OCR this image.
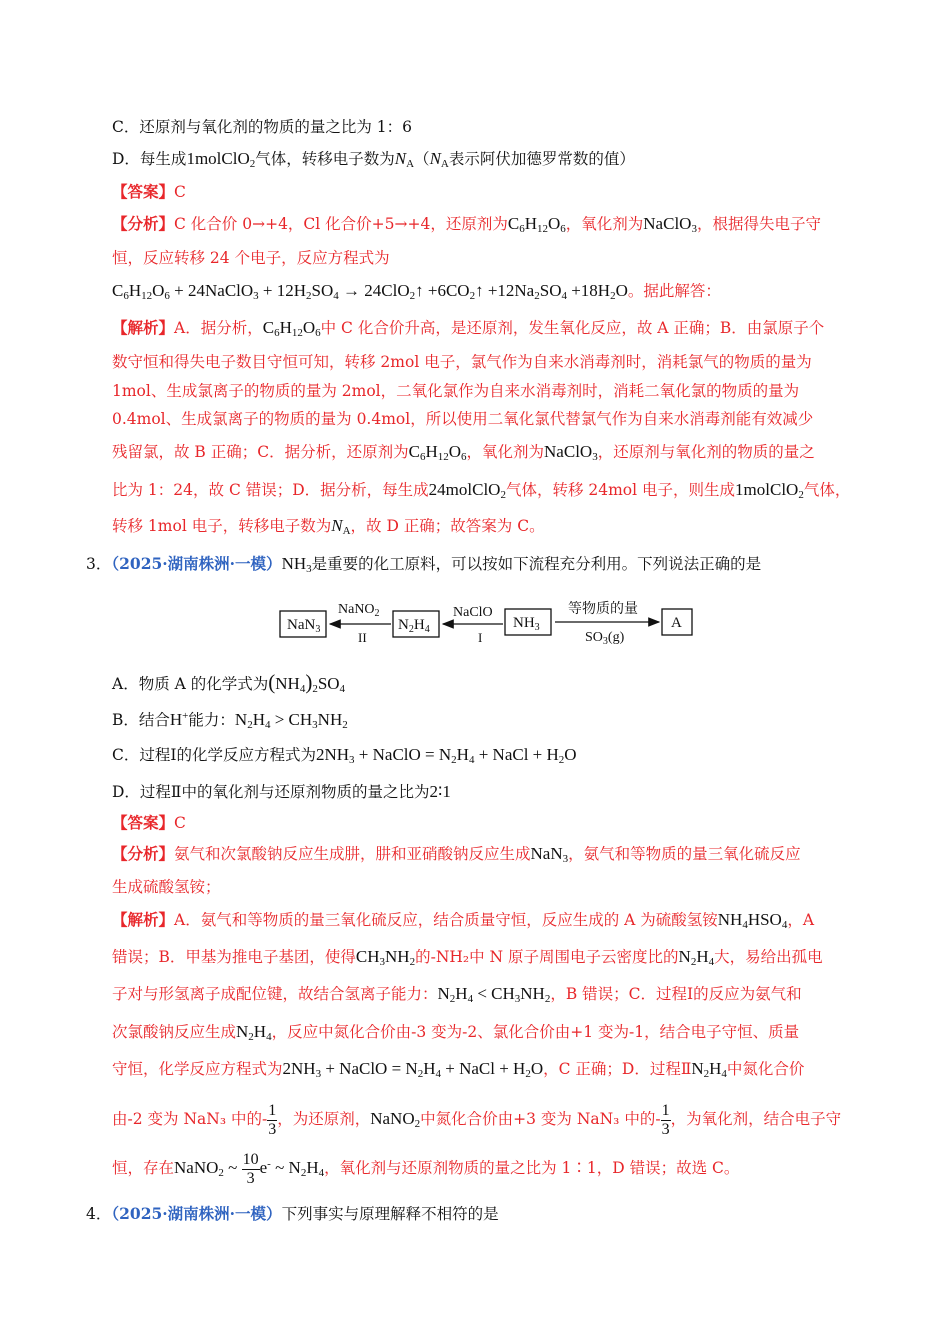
C．还原剂与氧化剂的物质的量之比为 1：6
D．每生成1molClO$_2$气体，转移电子数为$N_A(N_A$表示阿伏加德罗常数的值）
【答案】C
【分析】C 化合价 0→+4，Cl 化合价+5→+4，还原剂为$C_6H_{12}O_6$，氧化剂为NaClO$_3$，根据得失电子守
恒，反应转移 24 个电子，反应方程式为
$C_6H_{12}O_6$ + 24NaClO$_3$ + $12H_2SO_4$ → 24ClO$_2$↑ $+6CO_2↑ +12Na_2SO_4 +18H_2O$。据此解答：
【解析】A．据分析，$C_6H_{12}O_6$中 C 化合价升高，是还原剂，发生氧化反应，故 A 正确；B．由氯原子个
数守恒和得失电子数目守恒可知，转移 2mol 电子，氯气作为自来水消毒剂时，消耗氯气的物质的量为
1mol、生成氯离子的物质的量为 2mol，二氧化氯作为自来水消毒剂时，消耗二氧化氯的物质的量为
0.4mol、生成氯离子的物质的量为 0.4mol，所以使用二氧化氯代替氯气作为自来水消毒剂能有效减少
残留氯，故 B 正确；C．据分析，还原剂为$C_6H_{12}O_6$，氧化剂为NaClO$_3$，还原剂与氧化剂的物质的量之
比为 1：24，故 C 错误；D．据分析，每生成24molClO$_2$气体，转移 24mol 电子，则生成1molClO$_2$气体，
转移 1mol 电子，转移电子数为$N_A$，故 D 正确；故答案为 C。
3．（2025·湖南株洲·一模）$NH_3$是重要的化工原料，可以按如下流程充分利用。下列说法正确的是
NaN$_3$
NaNO$_2$
II
$N_2H_4$
NaClO
I
$NH_3$
等物质的量
$SO_3(g)$
A
A．物质 A 的化学式为$(NH_4)_2SO_4$
B．结合H+能力：$N_2H_4 > CH_3NH_2$
C．过程Ⅰ的化学反应方程式为$2NH_3$ + NaClO = $N_2H_4$ + NaCl + $H_2O$
D．过程Ⅱ中的氧化剂与还原剂物质的量之比为2∶1
【答案】C
【分析】氨气和次氯酸钠反应生成肼，肼和亚硝酸钠反应生成NaN$_3$，氨气和等物质的量三氧化硫反应
生成硫酸氢铵；
【解析】A．氨气和等物质的量三氧化硫反应，结合质量守恒，反应生成的 A 为硫酸氢铵$NH_4HSO_4$，A
错误；B．甲基为推电子基团，使得$CH_3NH_2$的-NH₂中 N 原子周围电子云密度比的$N_2H_4$大，易给出孤电
子对与形氢离子成配位键，故结合氢离子能力：$N_2H_4 < CH_3NH_2$，B 错误；C．过程Ⅰ的反应为氨气和
次氯酸钠反应生成$N_2H_4$，反应中氮化合价由-3 变为-2、氯化合价由+1 变为-1，结合电子守恒、质量
守恒，化学反应方程式为$2NH_3$ + NaClO = $N_2H_4$ + NaCl + $H_2O$，C 正确；D．过程$ⅡN_2H_4$中氮化合价
由-2 变为 NaN₃ 中的- $\frac{1}{3}$ ，为还原剂，NaNO$_2$中氮化合价由+3 变为 NaN₃ 中的- $\frac{1}{3}$ ，为氧化剂，结合电子守
恒，存在NaNO$_2$ ~ $\frac{10}{3} e^-$ ~ $N_2H_4$，氧化剂与还原剂物质的量之比为 1∶1，D 错误；故选 C。
4．（2025·湖南株洲·一模）下列事实与原理解释不相符的是
